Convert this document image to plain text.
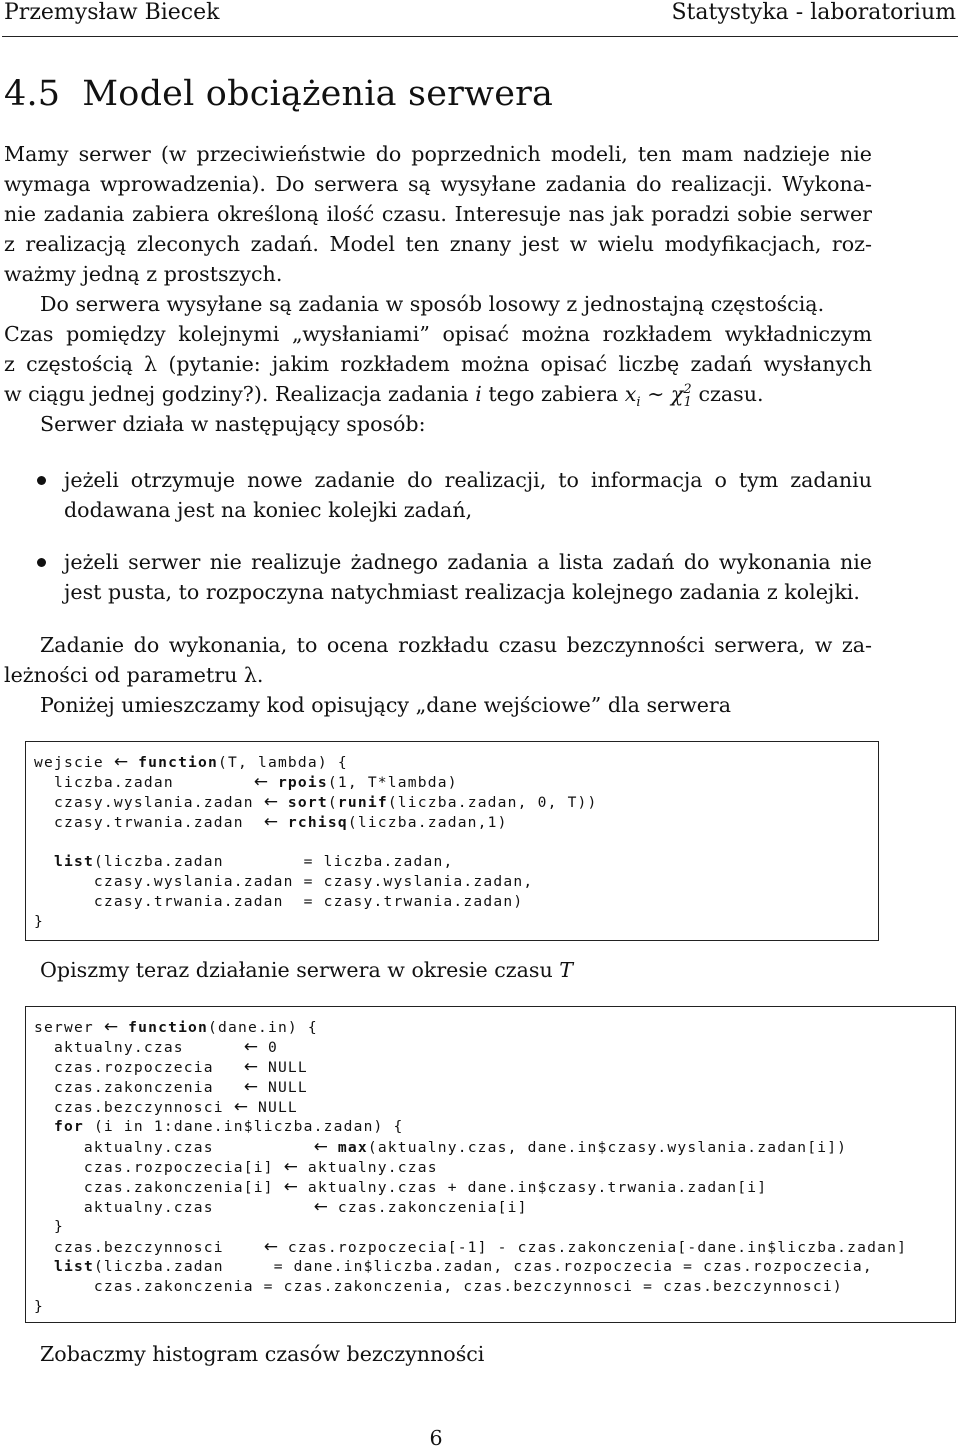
Przemysław Biecek	Statystyka - laboratorium
4.5 Model obciążenia serwera
Mamy serwer (w przeciwieństwie do poprzednich modeli, ten mam nadzieje nie
wymaga wprowadzenia). Do serwera są wysyłane zadania do realizacji. Wykona-
nie zadania zabiera określoną ilość czasu. Interesuje nas jak poradzi sobie serwer
z realizacją zleconych zadań. Model ten znany jest w wielu modyfikacjach, roz-
ważmy jedną z prostszych.
Do serwera wysyłane są zadania w sposób losowy z jednostajną częstością.
Czas pomiędzy kolejnymi „wysłaniami” opisać można rozkładem wykładniczym
z częstością λ (pytanie: jakim rozkładem można opisać liczbę zadań wysłanych
w ciągu jednej godziny?). Realizacja zadania i tego zabiera $x_i$ ∼ $\chi^2_1$ czasu.
Serwer działa w następujący sposób:
jeżeli otrzymuje nowe zadanie do realizacji, to informacja o tym zadaniu
dodawana jest na koniec kolejki zadań,
jeżeli serwer nie realizuje żadnego zadania a lista zadań do wykonania nie
jest pusta, to rozpoczyna natychmiast realizacja kolejnego zadania z kolejki.
Zadanie do wykonania, to ocena rozkładu czasu bezczynności serwera, w za-
leżności od parametru λ.
Poniżej umieszczamy kod opisujący „dane wejściowe” dla serwera
wejscie ← function(T, lambda) {
liczba.zadan        ← rpois(1, T*lambda)
czasy.wyslania.zadan ← sort(runif(liczba.zadan, 0, T))
czasy.trwania.zadan  ← rchisq(liczba.zadan,1)
list(liczba.zadan        = liczba.zadan,
czasy.wyslania.zadan = czasy.wyslania.zadan,
czasy.trwania.zadan  = czasy.trwania.zadan)
}
Opiszmy teraz działanie serwera w okresie czasu T
serwer ← function(dane.in) {
aktualny.czas      ← 0
czas.rozpoczecia   ← NULL
czas.zakonczenia   ← NULL
czas.bezczynnosci ← NULL
for (i in 1:dane.in$liczba.zadan) {
aktualny.czas          ← max(aktualny.czas, dane.in$czasy.wyslania.zadan[i])
czas.rozpoczecia[i] ← aktualny.czas
czas.zakonczenia[i] ← aktualny.czas + dane.in$czasy.trwania.zadan[i]
aktualny.czas          ← czas.zakonczenia[i]
}
czas.bezczynnosci    ← czas.rozpoczecia[-1] - czas.zakonczenia[-dane.in$liczba.zadan]
list(liczba.zadan     = dane.in$liczba.zadan, czas.rozpoczecia = czas.rozpoczecia,
czas.zakonczenia = czas.zakonczenia, czas.bezczynnosci = czas.bezczynnosci)
}
Zobaczmy histogram czasów bezczynności
6
